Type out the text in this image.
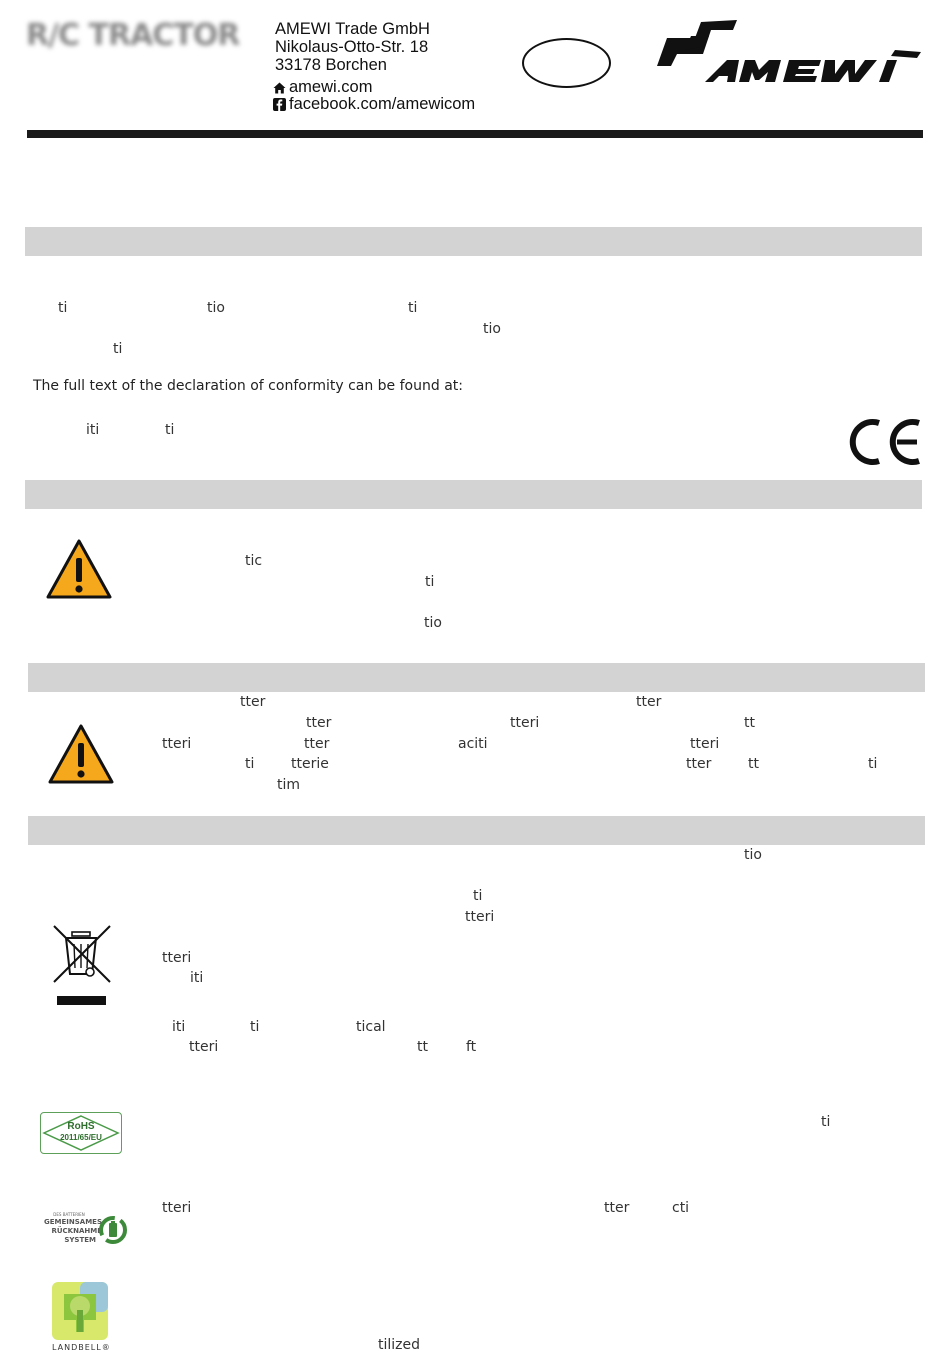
R/C TRACTOR AMEWI Trade GmbH
Nikolaus-Otto-Str. 18
33178 Borchen
amewi.com
facebook.com/amewicom
ti	tio	ti
tio
ti
The full text of the declaration of conformity can be found at:
iti	ti
tic
ti
tio
tter	tter
tter	tteri	tt
tteri	tter	aciti	tteri
ti	tterie	tter	tt	ti
tim
tio
ti
tteri
tteri
iti
iti	ti	tical
tteri	tt	ft
ti
tteri	tter	cti
tilized
RoHS
2011/65/EU
DES BATTERIEN
GEMEINSAMES
RÜCKNAHME
SYSTEM
LANDBELL®
